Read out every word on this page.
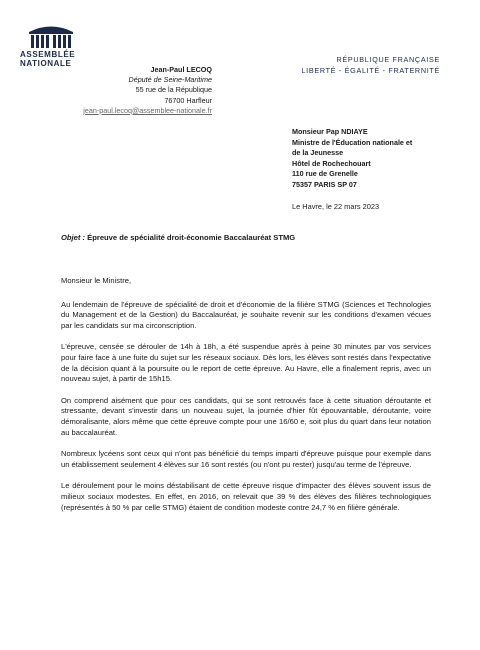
ASSEMBLÉE
NATIONALE
Jean-Paul LECOQ
Député de Seine-Maritime
55 rue de la République
76700 Harfleur
jean-paul.lecoq@assemblee-nationale.fr
RÉPUBLIQUE FRANÇAISE
LIBERTÉ - ÉGALITÉ - FRATERNITÉ
Monsieur Pap NDIAYE
Ministre de l'Éducation nationale et
de la Jeunesse
Hôtel de Rochechouart
110 rue de Grenelle
75357 PARIS SP 07
Le Havre, le 22 mars 2023
Objet : Épreuve de spécialité droit-économie Baccalauréat STMG

Monsieur le Ministre,

Au lendemain de l'épreuve de spécialité de droit et d'économie de la filière STMG (Sciences et Technologies du Management et de la Gestion) du Baccalauréat, je souhaite revenir sur les conditions d'examen vécues par les candidats sur ma circonscription.

L'épreuve, censée se dérouler de 14h à 18h, a été suspendue après à peine 30 minutes par vos services pour faire face à une fuite du sujet sur les réseaux sociaux. Dès lors, les élèves sont restés dans l'expectative de la décision quant à la poursuite ou le report de cette épreuve. Au Havre, elle a finalement repris, avec un nouveau sujet, à partir de 15h15.

On comprend aisément que pour ces candidats, qui se sont retrouvés face à cette situation déroutante et stressante, devant s'investir dans un nouveau sujet, la journée d'hier fût épouvantable, déroutante, voire démoralisante, alors même que cette épreuve compte pour une 16/60 e, soit plus du quart dans leur notation au baccalauréat.

Nombreux lycéens sont ceux qui n'ont pas bénéficié du temps imparti d'épreuve puisque pour exemple dans un établissement seulement 4 élèves sur 16 sont restés (ou n'ont pu rester) jusqu'au terme de l'épreuve.

Le déroulement pour le moins déstabilisant de cette épreuve risque d'impacter des élèves souvent issus de milieux sociaux modestes. En effet, en 2016, on relevait que 39 % des élèves des filières technologiques (représentés à 50 % par celle STMG) étaient de condition modeste contre 24,7 % en filière générale.
